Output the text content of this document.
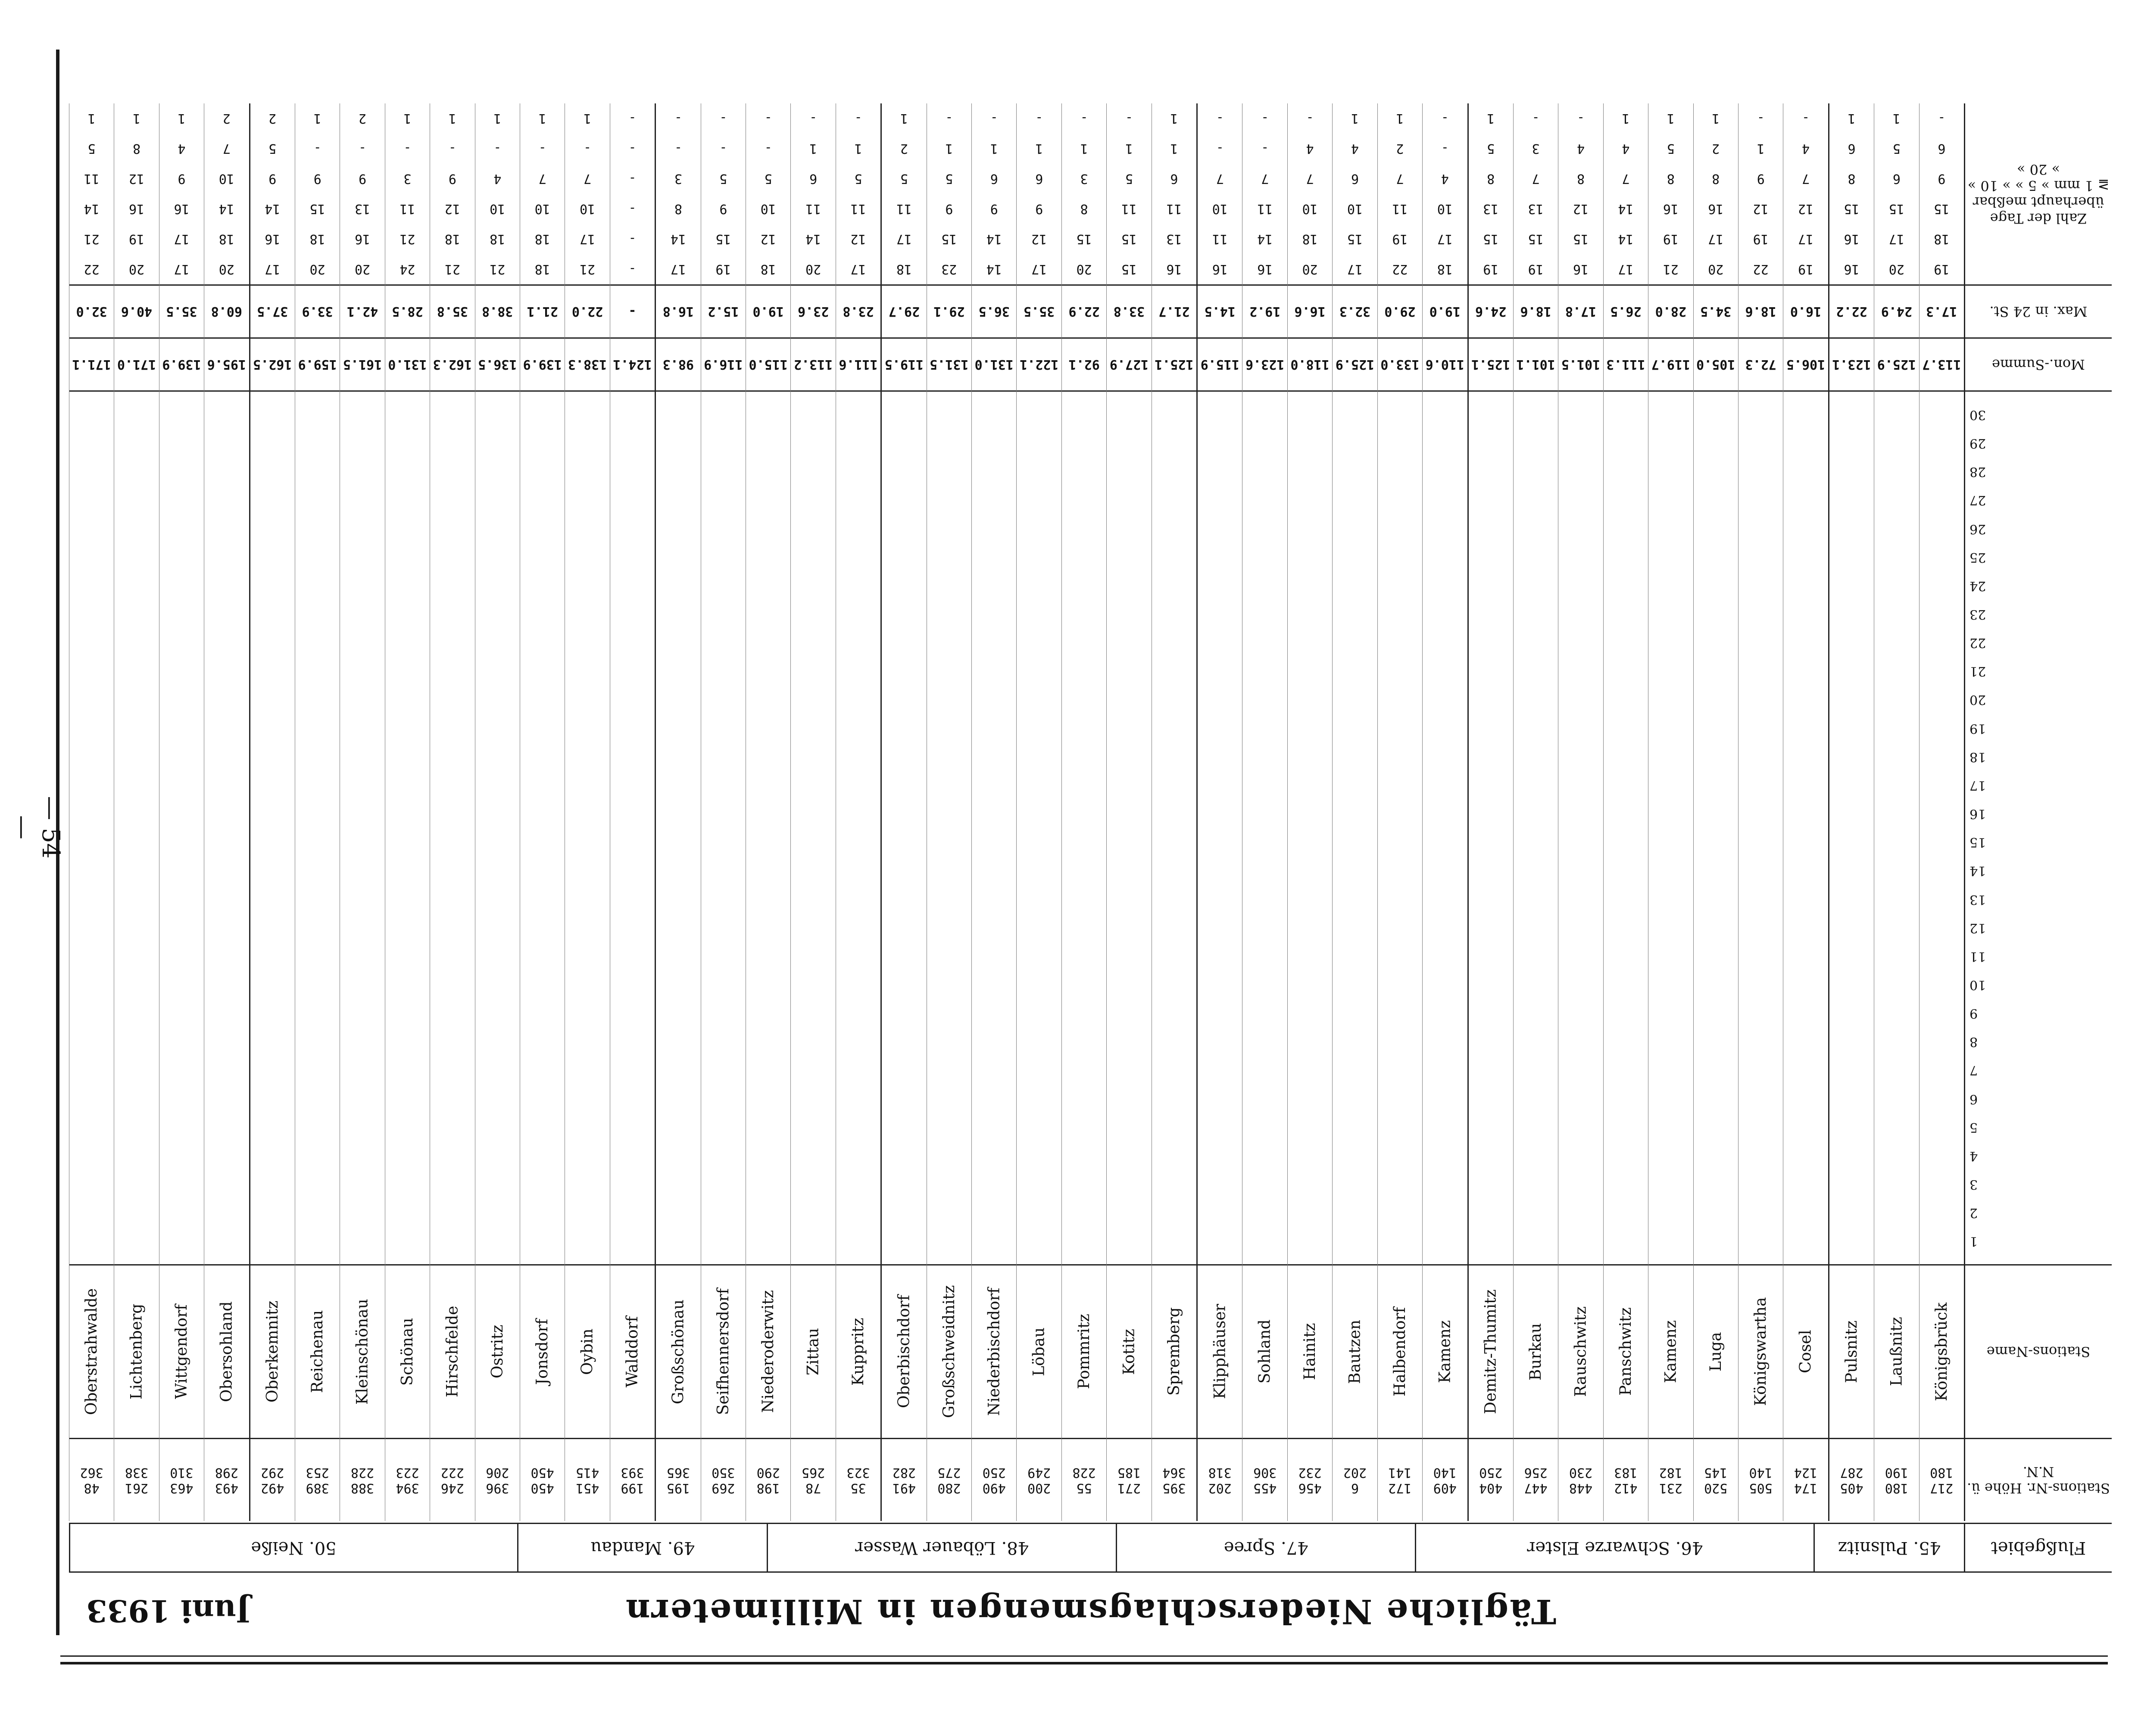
— 54 —
Tägliche Niederschlagsmengen in Millimetern
Juni 1933
Flußgebiet
45. Pulsnitz
46. Schwarze Elster
47. Spree
48. Löbauer Wasser
49. Mandau
50. Neiße
Stations-Nr. Höhe ü. N.N.
Stations-Name
1
2
3
4
5
6
7
8
9
10
11
12
13
14
15
16
17
18
19
20
21
22
23
24
25
26
27
28
29
30
Mon.-Summe
Max. in 24 St.
Zahl der Tage überhaupt meßbar ≧ 1 mm » 5 » » 10 » » 20 »
217
180
Königsbrück
113.7
17.3
19
18
15
9
6
-
180
190
Laußnitz
125.9
24.9
20
17
15
6
5
1
405
287
Pulsnitz
123.1
22.2
16
16
15
8
6
1
174
124
Cosel
106.5
16.0
19
17
12
7
4
-
505
140
Königswartha
72.3
18.6
22
19
12
9
1
-
520
145
Luga
105.0
34.5
20
17
16
8
2
1
231
182
Kamenz
119.7
28.0
21
19
16
8
5
1
412
183
Panschwitz
111.3
26.5
17
14
14
7
4
1
448
230
Rauschwitz
101.5
17.8
16
15
12
8
4
-
447
256
Burkau
101.1
18.6
19
15
13
7
3
-
404
250
Demitz-Thumitz
125.1
24.6
19
15
13
8
5
1
409
140
Kamenz
110.6
19.0
18
17
10
4
-
-
172
141
Halbendorf
133.0
29.0
22
19
11
7
2
1
6
202
Bautzen
125.9
32.3
17
15
10
6
4
1
456
232
Hainitz
118.0
16.6
20
18
10
7
4
-
455
306
Sohland
123.6
19.2
16
14
11
7
-
-
202
318
Klipphäuser
115.9
14.5
16
11
10
7
-
-
395
364
Spremberg
125.1
21.7
16
13
11
6
1
1
271
185
Kotitz
127.9
33.8
15
15
11
5
1
-
55
228
Pommritz
92.1
22.9
20
15
8
3
1
-
200
249
Löbau
122.1
35.5
17
12
9
6
1
-
490
250
Niederbischdorf
131.0
36.5
14
14
9
6
1
-
280
275
Großschweidnitz
131.5
29.1
23
15
9
5
1
-
491
282
Oberbischdorf
119.5
29.7
18
17
11
5
2
1
35
323
Kuppritz
111.6
23.8
17
12
11
5
1
-
78
265
Zittau
113.2
23.6
20
14
11
6
1
-
198
290
Niederoderwitz
115.0
19.0
18
12
10
5
-
-
269
350
Seifhennersdorf
116.9
15.2
19
15
9
5
-
-
195
365
Großschönau
98.3
16.8
17
14
8
3
-
-
199
393
Walddorf
124.1
-
-
-
-
-
-
-
451
415
Oybin
138.3
22.0
21
17
10
7
-
1
450
450
Jonsdorf
139.9
21.1
18
18
10
7
-
1
396
206
Ostritz
136.5
38.8
21
18
10
4
-
1
246
222
Hirschfelde
162.3
35.8
21
18
12
9
-
1
394
223
Schönau
131.0
28.5
24
21
11
3
-
1
388
228
Kleinschönau
161.5
42.1
20
16
13
9
-
2
389
253
Reichenau
159.9
33.9
20
18
15
9
-
1
492
292
Oberkemnitz
162.5
37.5
17
16
14
9
5
2
493
298
Obersohland
195.6
60.8
20
18
14
10
7
2
463
310
Wittgendorf
139.9
35.5
17
17
16
9
4
1
261
338
Lichtenberg
171.0
40.6
20
19
16
12
8
1
48
362
Oberstrahwalde
171.1
32.0
22
21
14
11
5
1
